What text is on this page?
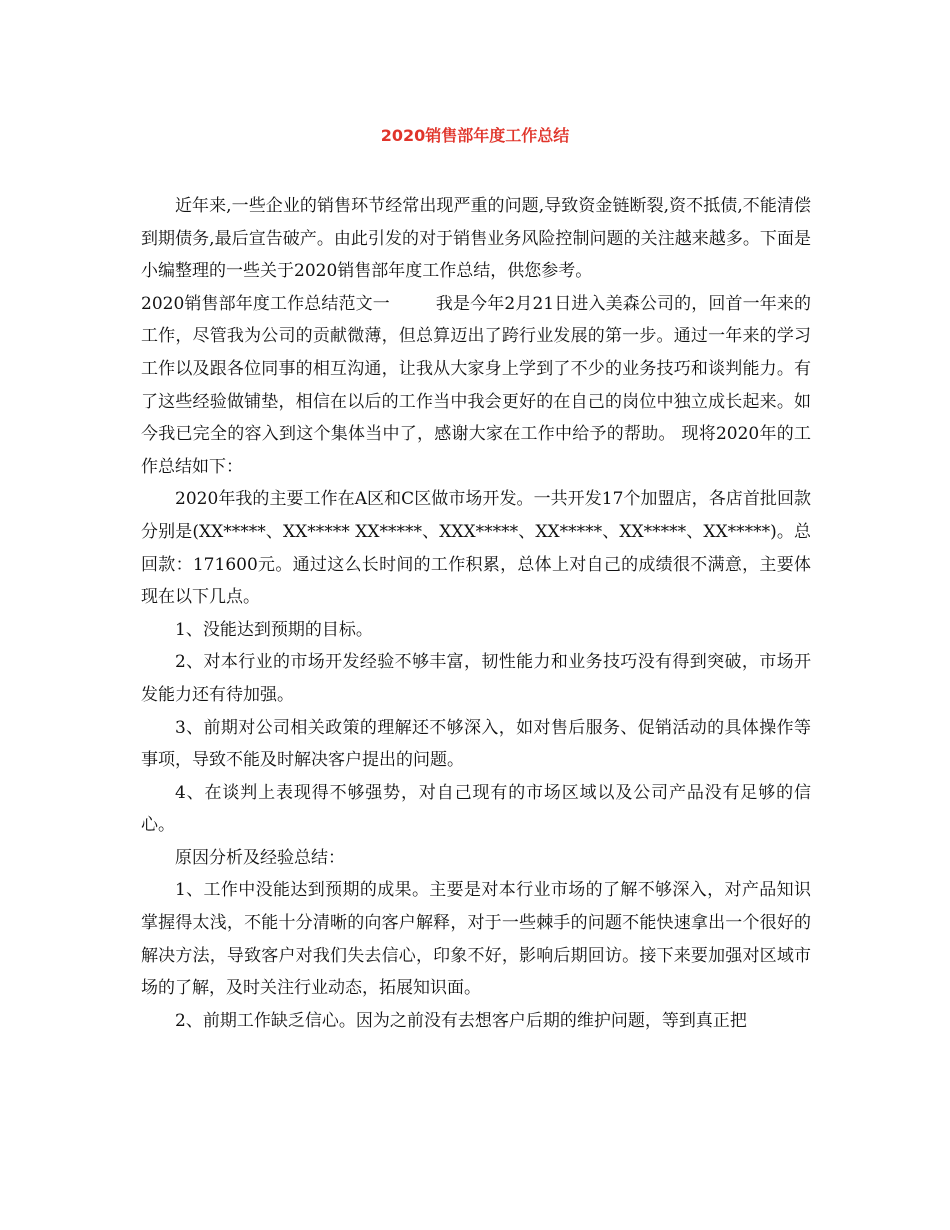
2020销售部年度工作总结

近年来,一些企业的销售环节经常出现严重的问题,导致资金链断裂,资不抵债,不能清偿到期债务,最后宣告破产。由此引发的对于销售业务风险控制问题的关注越来越多。下面是小编整理的一些关于2020销售部年度工作总结，供您参考。

2020销售部年度工作总结范文一	我是今年2月21日进入美森公司的，回首一年来的工作，尽管我为公司的贡献微薄，但总算迈出了跨行业发展的第一步。通过一年来的学习工作以及跟各位同事的相互沟通，让我从大家身上学到了不少的业务技巧和谈判能力。有了这些经验做铺垫，相信在以后的工作当中我会更好的在自己的岗位中独立成长起来。如今我已完全的容入到这个集体当中了，感谢大家在工作中给予的帮助。 现将2020年的工作总结如下：

2020年我的主要工作在A区和C区做市场开发。一共开发17个加盟店，各店首批回款分别是(XX*****、XX***** XX*****、XXX*****、XX*****、XX*****、XX*****)。总回款：171600元。通过这么长时间的工作积累，总体上对自己的成绩很不满意，主要体现在以下几点。

1、没能达到预期的目标。

2、对本行业的市场开发经验不够丰富，韧性能力和业务技巧没有得到突破，市场开发能力还有待加强。

3、前期对公司相关政策的理解还不够深入，如对售后服务、促销活动的具体操作等事项，导致不能及时解决客户提出的问题。

4、在谈判上表现得不够强势，对自己现有的市场区域以及公司产品没有足够的信心。

原因分析及经验总结：

1、工作中没能达到预期的成果。主要是对本行业市场的了解不够深入，对产品知识掌握得太浅，不能十分清晰的向客户解释，对于一些棘手的问题不能快速拿出一个很好的解决方法，导致客户对我们失去信心，印象不好，影响后期回访。接下来要加强对区域市场的了解，及时关注行业动态，拓展知识面。

2、前期工作缺乏信心。因为之前没有去想客户后期的维护问题，等到真正把
